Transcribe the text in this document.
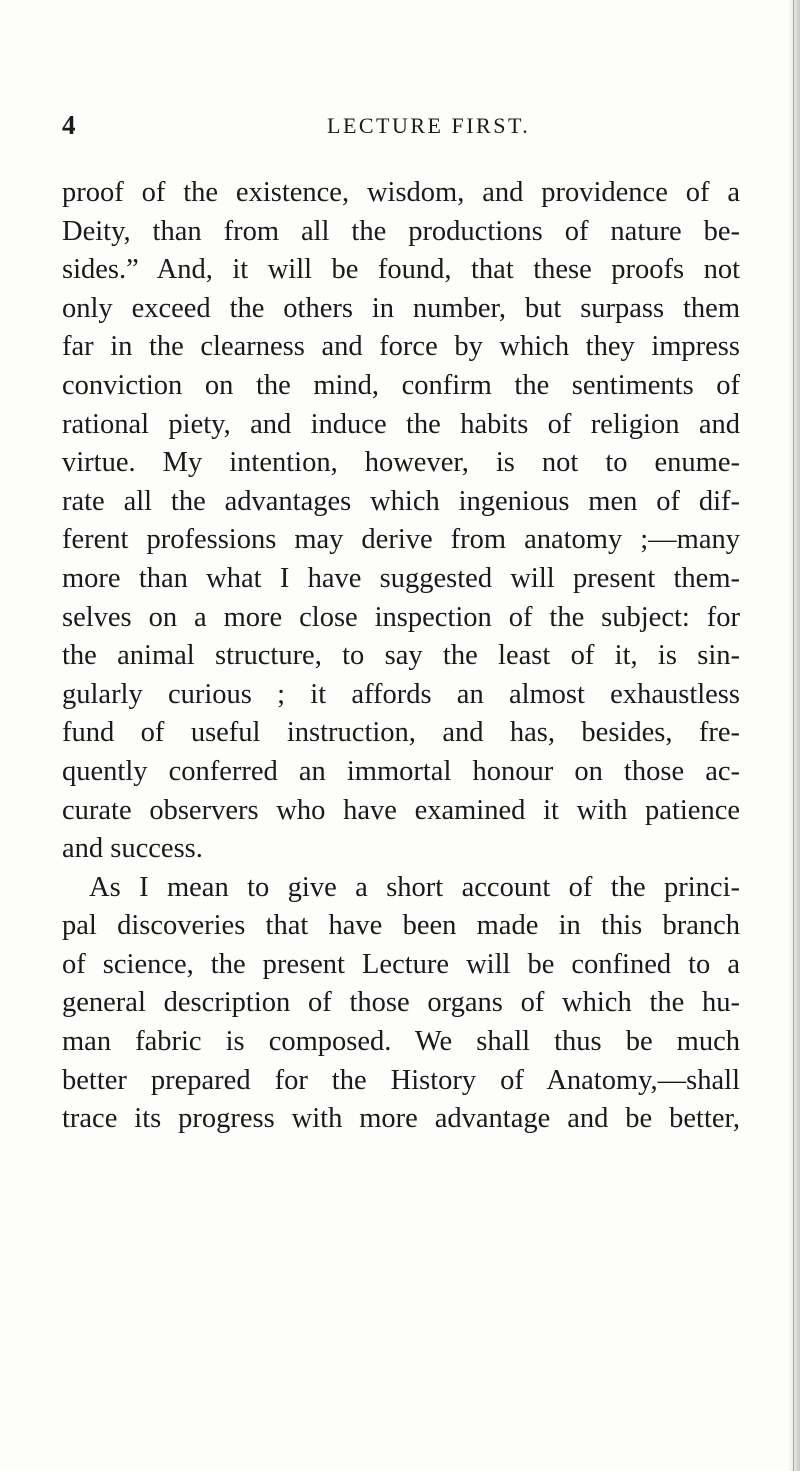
4	LECTURE FIRST.
proof of the existence, wisdom, and providence of a
Deity, than from all the productions of nature be-
sides.” And, it will be found, that these proofs not
only exceed the others in number, but surpass them
far in the clearness and force by which they impress
conviction on the mind, confirm the sentiments of
rational piety, and induce the habits of religion and
virtue. My intention, however, is not to enume-
rate all the advantages which ingenious men of dif-
ferent professions may derive from anatomy ;—many
more than what I have suggested will present them-
selves on a more close inspection of the subject: for
the animal structure, to say the least of it, is sin-
gularly curious ; it affords an almost exhaustless
fund of useful instruction, and has, besides, fre-
quently conferred an immortal honour on those ac-
curate observers who have examined it with patience
and success.
As I mean to give a short account of the princi-
pal discoveries that have been made in this branch
of science, the present Lecture will be confined to a
general description of those organs of which the hu-
man fabric is composed. We shall thus be much
better prepared for the History of Anatomy,—shall
trace its progress with more advantage and be better,
